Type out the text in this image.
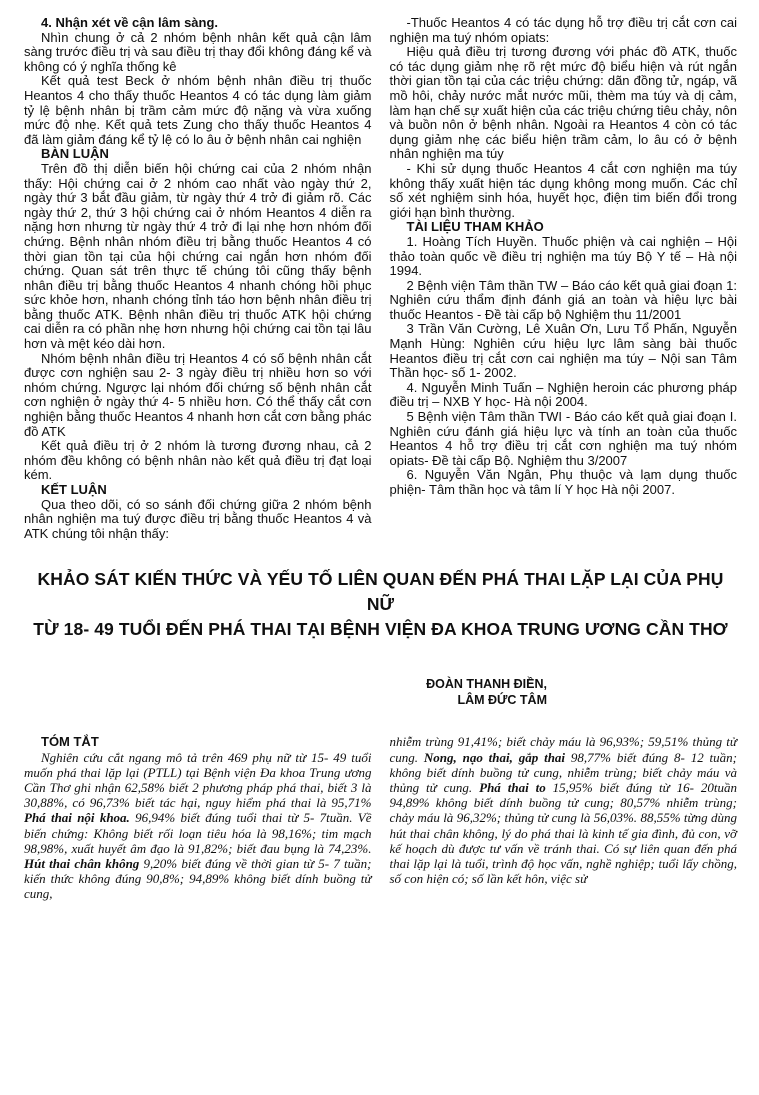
4. Nhận xét về cận lâm sàng.

Nhìn chung ở cả 2 nhóm bệnh nhân kết quả cận lâm sàng trước điều trị và sau điều trị thay đổi không đáng kể và không có ý nghĩa thống kê

Kết quả test Beck ở nhóm bệnh nhân điều trị thuốc Heantos 4 cho thấy thuốc Heantos 4 có tác dụng làm giảm tỷ lệ bệnh nhân bị trầm cảm mức độ nặng và vừa xuống mức độ nhẹ. Kết quả tets Zung cho thấy thuốc Heantos 4 đã làm giảm đáng kể tỷ lệ có lo âu ở bệnh nhân cai nghiện

BÀN LUẬN

Trên đồ thị diễn biến hội chứng cai của 2 nhóm nhận thấy: Hội chứng cai ở 2 nhóm cao nhất vào ngày thứ 2, ngày thứ 3 bắt đầu giảm, từ ngày thứ 4 trở đi giảm rõ. Các ngày thứ 2, thứ 3 hội chứng cai ở nhóm Heantos 4 diễn ra nặng hơn nhưng từ ngày thứ 4 trở đi lại nhẹ hơn nhóm đối chứng. Bệnh nhân nhóm điều trị bằng thuốc Heantos 4 có thời gian tồn tại của hội chứng cai ngắn hơn nhóm đối chứng. Quan sát trên thực tế chúng tôi cũng thấy bệnh nhân điều trị bằng thuốc Heantos 4 nhanh chóng hồi phục sức khỏe hơn, nhanh chóng tỉnh táo hơn bệnh nhân điều trị bằng thuốc ATK. Bệnh nhân điều trị thuốc ATK hội chứng cai diễn ra có phần nhẹ hơn nhưng hội chứng cai tồn tại lâu hơn và mệt kéo dài hơn.

Nhóm bệnh nhân điều trị Heantos 4 có số bệnh nhân cắt được cơn nghiện sau 2- 3 ngày điều trị nhiều hơn so với nhóm chứng. Ngược lại nhóm đối chứng số bệnh nhân cắt cơn nghiện ở ngày thứ 4- 5 nhiều hơn. Có thể thấy cắt cơn nghiện bằng thuốc Heantos 4 nhanh hơn cắt cơn bằng phác đồ ATK

Kết quả điều trị ở 2 nhóm là tương đương nhau, cả 2 nhóm đều không có bệnh nhân nào kết quả điều trị đạt loại kém.

KẾT LUẬN

Qua theo dõi, có so sánh đối chứng giữa 2 nhóm bệnh nhân nghiện ma tuý được điều trị bằng thuốc Heantos 4 và ATK chúng tôi nhận thấy:

-Thuốc Heantos 4 có tác dụng hỗ trợ điều trị cắt cơn cai nghiện ma tuý nhóm opiats:

Hiệu quả điều trị tương đương với phác đồ ATK, thuốc có tác dụng giảm nhẹ rõ rệt mức độ biểu hiện và rút ngắn thời gian tồn tại của các triệu chứng: dãn đồng tử, ngáp, vã mồ hôi, chảy nước mắt nước mũi, thèm ma túy và dị cảm, làm hạn chế sự xuất hiện của các triệu chứng tiêu chảy, nôn và buồn nôn ở bệnh nhân. Ngoài ra Heantos 4 còn có tác dụng giảm nhẹ các biểu hiện trầm cảm, lo âu có ở bệnh nhân nghiện ma túy

- Khi sử dụng thuốc Heantos 4 cắt cơn nghiện ma túy không thấy xuất hiện tác dụng không mong muốn. Các chỉ số xét nghiệm sinh hóa, huyết học, điện tim biến đổi trong giới hạn bình thường.

TÀI LIỆU THAM KHẢO

1. Hoàng Tích Huyền. Thuốc phiện và cai nghiện – Hội thảo toàn quốc về điều trị nghiện ma túy Bộ Y tế – Hà nội 1994.

2 Bệnh viện Tâm thần TW – Báo cáo kết quả giai đoạn 1: Nghiên cứu thẩm định đánh giá an toàn và hiệu lực bài thuốc Heantos - Đề tài cấp bộ Nghiệm thu 11/2001

3 Trần Văn Cường, Lê Xuân Ơn, Lưu Tổ Phấn, Nguyễn Mạnh Hùng: Nghiên cứu hiệu lực lâm sàng bài thuốc Heantos điều trị cắt cơn cai nghiện ma túy – Nội san Tâm Thần học- số 1- 2002.

4. Nguyễn Minh Tuấn – Nghiện heroin các phương pháp điều trị – NXB Y học- Hà nội 2004.

5 Bệnh viện Tâm thần TWI - Báo cáo kết quả giai đoạn I. Nghiên cứu đánh giá hiệu lực và tính an toàn của thuốc Heantos 4 hỗ trợ điều trị cắt cơn nghiện ma tuý nhóm opiats- Đề tài cấp Bộ. Nghiệm thu 3/2007

6. Nguyễn Văn Ngân, Phụ thuộc và lạm dụng thuốc phiện- Tâm thần học và tâm lí Y học Hà nội 2007.

KHẢO SÁT KIẾN THỨC VÀ YẾU TỐ LIÊN QUAN ĐẾN PHÁ THAI LẶP LẠI CỦA PHỤ NỮ
TỪ 18- 49 TUỔI ĐẾN PHÁ THAI TẠI BỆNH VIỆN ĐA KHOA TRUNG ƯƠNG CẦN THƠ
ĐOÀN THANH ĐIỀN,
LÂM ĐỨC TÂM

TÓM TẮT

Nghiên cứu cắt ngang mô tả trên 469 phụ nữ từ 15- 49 tuổi muốn phá thai lặp lại (PTLL) tại Bệnh viện Đa khoa Trung ương Cần Thơ ghi nhận 62,58% biết 2 phương pháp phá thai, biết 3 là 30,88%, có 96,73% biết tác hại, nguy hiểm phá thai là 95,71% Phá thai nội khoa. 96,94% biết đúng tuổi thai từ 5- 7tuần. Về biến chứng: Không biết rối loạn tiêu hóa là 98,16%; tim mạch 98,98%, xuất huyết âm đạo là 91,82%; biết đau bụng là 74,23%. Hút thai chân không 9,20% biết đúng về thời gian từ 5- 7 tuần; kiến thức không đúng 90,8%; 94,89% không biết dính buồng tử cung,

nhiễm trùng 91,41%; biết chảy máu là 96,93%; 59,51% thủng tử cung. Nong, nạo thai, gắp thai 98,77% biết đúng 8- 12 tuần; không biết dính buồng tử cung, nhiễm trùng; biết chảy máu và thủng tử cung. Phá thai to 15,95% biết đúng từ 16- 20tuần 94,89% không biết dính buồng tử cung; 80,57% nhiễm trùng; chảy máu là 96,32%; thủng tử cung là 56,03%. 88,55% từng dùng hút thai chân không, lý do phá thai là kinh tế gia đình, đủ con, vỡ kế hoạch dù được tư vấn về tránh thai. Có sự liên quan đến phá thai lặp lại là tuổi, trình độ học vấn, nghề nghiệp; tuổi lấy chồng, số con hiện có; số lần kết hôn, việc sử
